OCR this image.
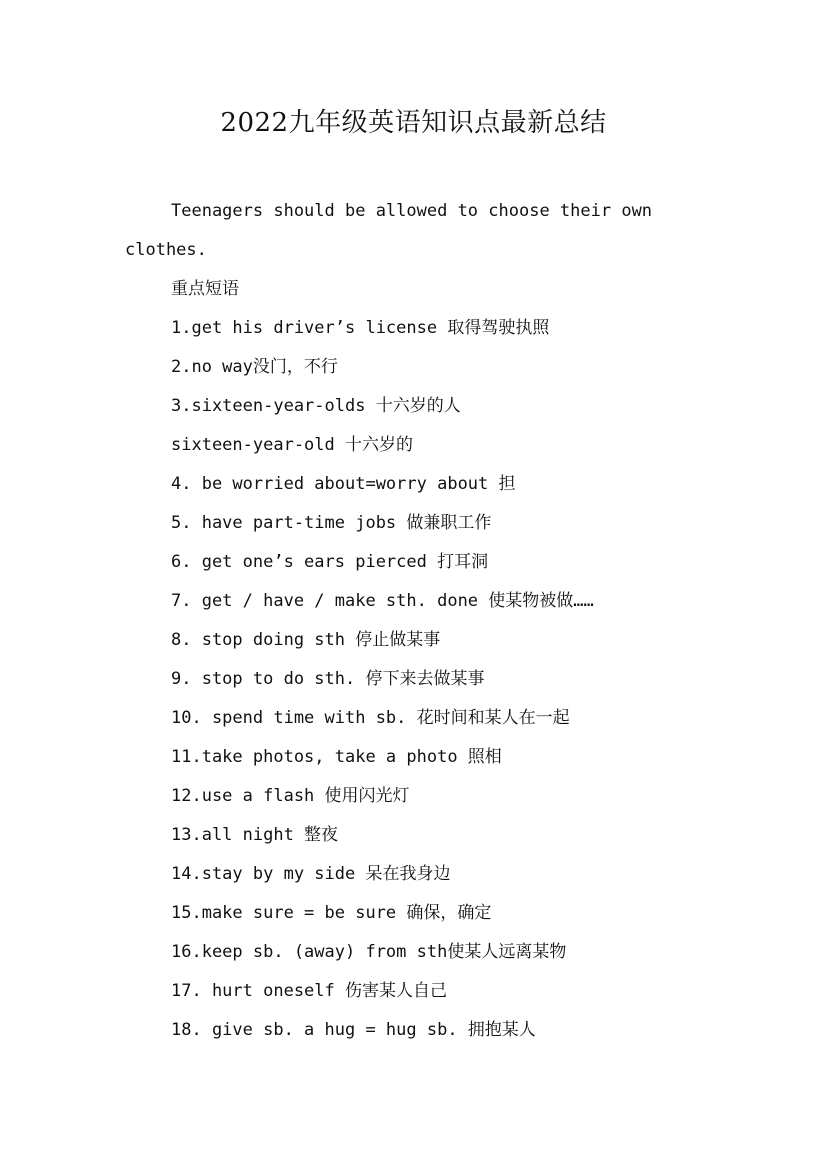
2022九年级英语知识点最新总结

Teenagers should be allowed to choose their own clothes.

重点短语

1.get his driver’s license 取得驾驶执照

2.no way没门，不行

3.sixteen-year-olds 十六岁的人

sixteen-year-old 十六岁的

4. be worried about=worry about 担

5. have part-time jobs 做兼职工作

6. get one’s ears pierced 打耳洞

7. get / have / make sth. done 使某物被做……

8. stop doing sth 停止做某事

9. stop to do sth. 停下来去做某事

10. spend time with sb. 花时间和某人在一起

11.take photos, take a photo 照相

12.use a flash 使用闪光灯

13.all night 整夜

14.stay by my side 呆在我身边

15.make sure = be sure 确保，确定

16.keep sb. (away) from sth使某人远离某物

17. hurt oneself 伤害某人自己

18. give sb. a hug = hug sb. 拥抱某人
